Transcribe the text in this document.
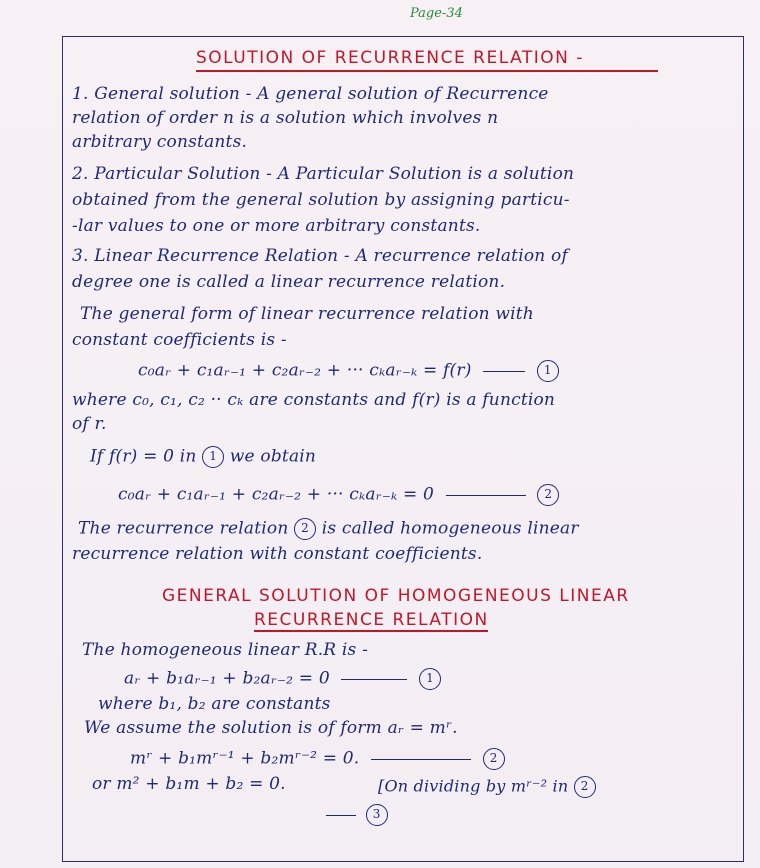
Page-34
SOLUTION OF RECURRENCE RELATION -
1. General solution - A general solution of Recurrence
relation of order n is a solution which involves n
arbitrary constants.
2. Particular Solution - A Particular Solution is a solution
obtained from the general solution by assigning particu-
-lar values to one or more arbitrary constants.
3. Linear Recurrence Relation - A recurrence relation of
degree one is called a linear recurrence relation.
The general form of linear recurrence relation with
constant coefficients is -
c₀aᵣ + c₁aᵣ₋₁ + c₂aᵣ₋₂ + ··· cₖaᵣ₋ₖ = f(r)	1
where c₀, c₁, c₂ ·· cₖ are constants and f(r) is a function
of r.
If f(r) = 0 in 1 we obtain
c₀aᵣ + c₁aᵣ₋₁ + c₂aᵣ₋₂ + ··· cₖaᵣ₋ₖ = 0	2
The recurrence relation 2 is called homogeneous linear
recurrence relation with constant coefficients.
GENERAL SOLUTION OF HOMOGENEOUS LINEAR
RECURRENCE RELATION
The homogeneous linear R.R is -
aᵣ + b₁aᵣ₋₁ + b₂aᵣ₋₂ = 0	1
where b₁, b₂ are constants
We assume the solution is of form aᵣ = mʳ.
mʳ + b₁mʳ⁻¹ + b₂mʳ⁻² = 0.	2
or m² + b₁m + b₂ = 0.	[On dividing by mʳ⁻² in 2
3
